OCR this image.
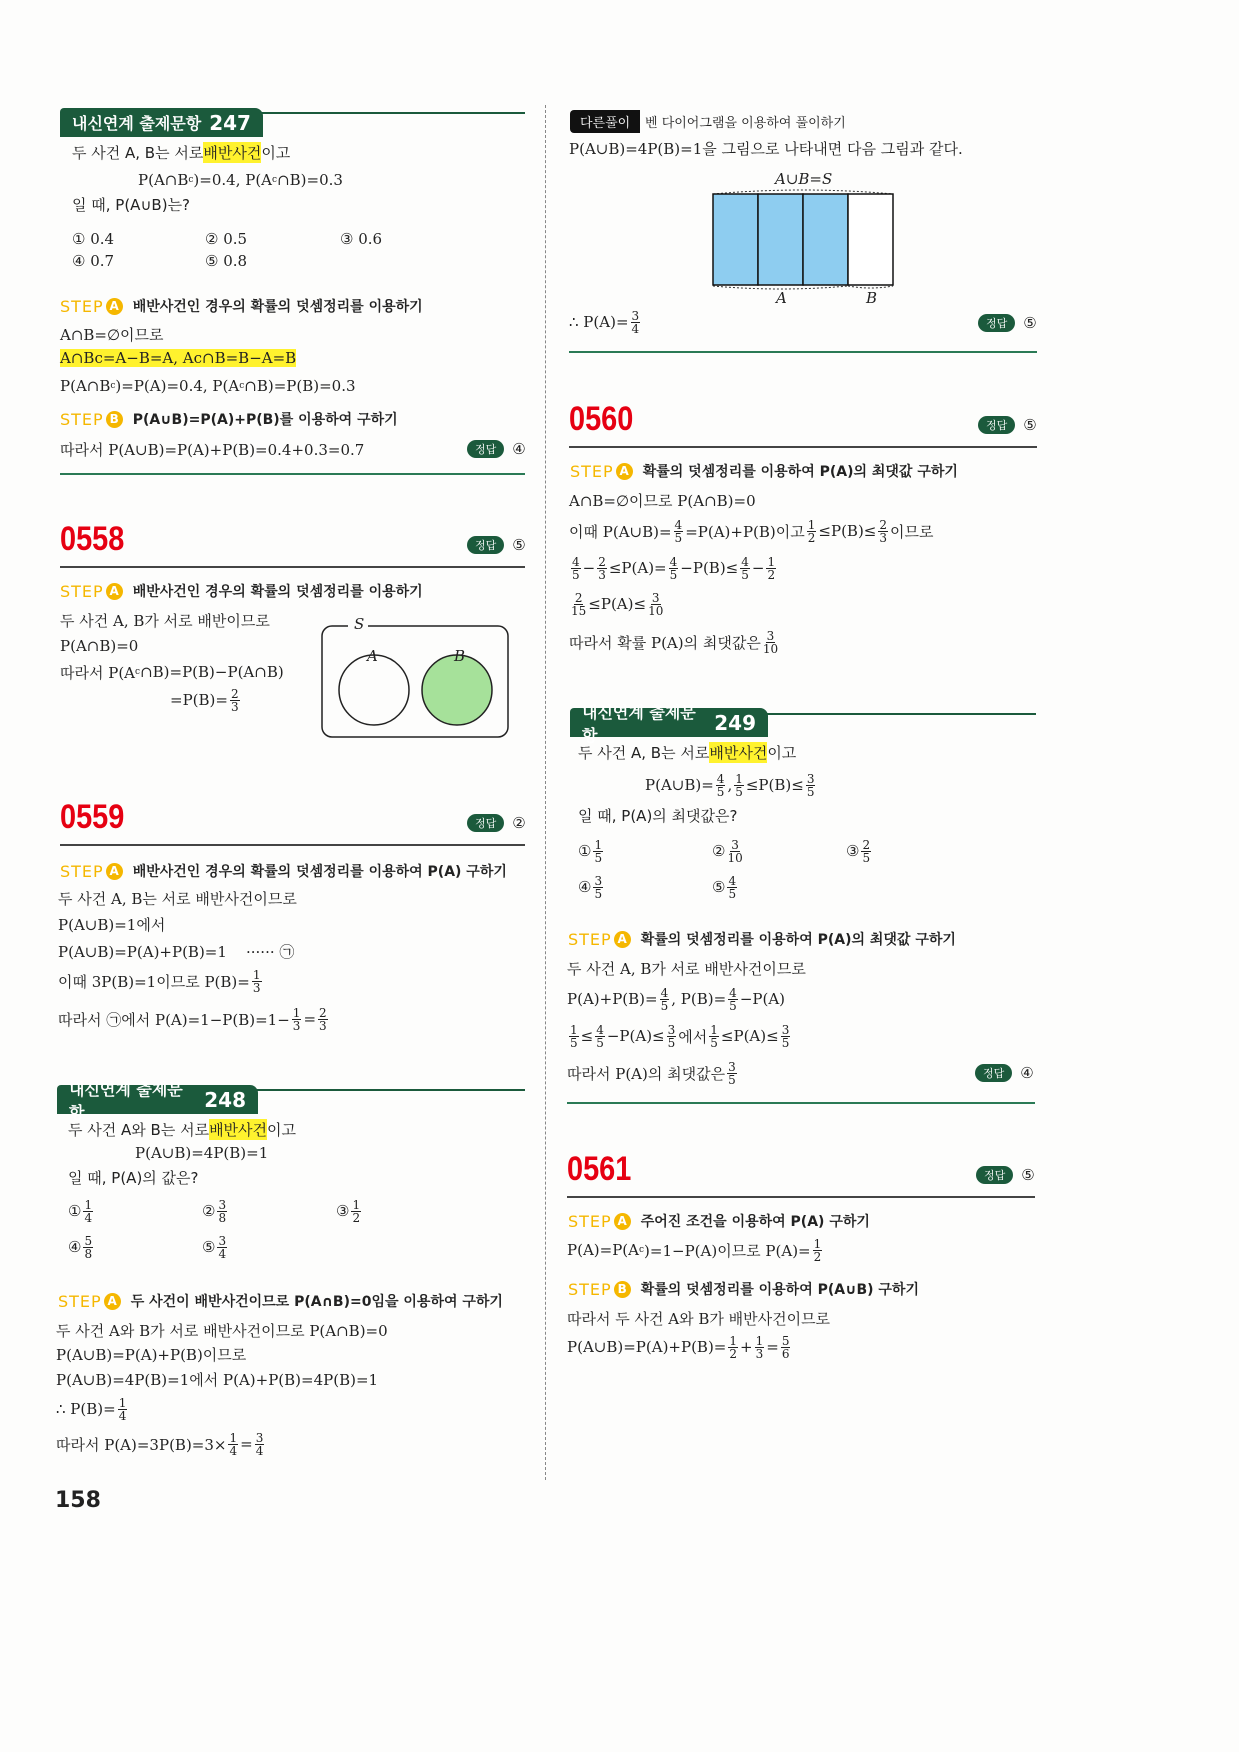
내신연계 출제문항 247
두 사건 A, B는 서로 배반사건 이고
P(A∩B c )=0.4, P(A c ∩B)=0.3
일 때, P(A∪B)는?
① 0.4	② 0.5	③ 0.6
④ 0.7	⑤ 0.8
STEP A 배반사건인 경우의 확률의 덧셈정리를 이용하기
A∩B=∅이므로
A∩B c =A−B=A, A c ∩B=B−A=B
P(A∩B c )=P(A)=0.4, P(A c ∩B)=P(B)=0.3
STEP B P(A∪B)=P(A)+P(B)를 이용하여 구하기
따라서 P(A∪B)=P(A)+P(B)=0.4+0.3=0.7	정답	④
0558	정답	⑤
STEP A 배반사건인 경우의 확률의 덧셈정리를 이용하기
두 사건 A, B가 서로 배반이므로
P(A∩B)=0
따라서 P(A c ∩B)=P(B)−P(A∩B)
$=P(B)= \frac{2}{3}$
S
A	B
0559	정답	②
STEP A 배반사건인 경우의 확률의 덧셈정리를 이용하여 P(A) 구하기
두 사건 A, B는 서로 배반사건이므로
P(A∪B)=1에서
P(A∪B)=P(A)+P(B)=1    ······ ㉠
이때 3P(B)=1이므로 $P(B)= \frac{1}{3}$
따라서 ㉠에서 $P(A)=1-P(B)=1- \frac{1}{3} = \frac{2}{3}$
내신연계 출제문항
248
두 사건 A와 B는 서로 배반사건 이고
P(A∪B)=4P(B)=1
일 때, P(A)의 값은?
① $\frac{1}{4}$	② $\frac{3}{8}$	③ $\frac{1}{2}$
④ $\frac{5}{8}$	⑤ $\frac{3}{4}$
STEP A 두 사건이 배반사건이므로 P(A∩B)=0임을 이용하여 구하기
두 사건 A와 B가 서로 배반사건이므로 P(A∩B)=0
P(A∪B)=P(A)+P(B)이므로
P(A∪B)=4P(B)=1에서 P(A)+P(B)=4P(B)=1
∴ $P(B)= \frac{1}{4}$
따라서 $P(A)=3P(B)=3\times \frac{1}{4} = \frac{3}{4}$
158
다른풀이	벤 다이어그램을 이용하여 풀이하기
P(A∪B)=4P(B)=1을 그림으로 나타내면 다음 그림과 같다.
A∪B=S
A	B
∴ $P(A)= \frac{3}{4}$	정답	⑤
0560	정답	⑤
STEP A 확률의 덧셈정리를 이용하여 P(A)의 최댓값 구하기
A∩B=∅이므로 P(A∩B)=0
이때 P(A∪B)= $\frac{4}{5} =P(A)+P(B)$이고 $\frac{1}{2} \le P(B)\le \frac{2}{3}$ 이므로
$\frac{4}{5} - \frac{2}{3} \le P(A)= \frac{4}{5} -P(B)\le \frac{4}{5} - \frac{1}{2}$
$\frac{2}{15} \le P(A)\le \frac{3}{10}$
따라서 확률 P(A)의 최댓값은 $\frac{3}{10}$
내신연계 출제문항
249
두 사건 A, B는 서로 배반사건 이고
P(A∪B)= $\frac{4}{5}$ , $\frac{1}{5} \le P(B)\le \frac{3}{5}$
일 때, P(A)의 최댓값은?
① $\frac{1}{5}$	② $\frac{3}{10}$	③ $\frac{2}{5}$
④ $\frac{3}{5}$	⑤ $\frac{4}{5}$
STEP A 확률의 덧셈정리를 이용하여 P(A)의 최댓값 구하기
두 사건 A, B가 서로 배반사건이므로
$P(A)+P(B)= \frac{4}{5}$ , $P(B)= \frac{4}{5} -P(A)$
$\frac{1}{5} \le \frac{4}{5} -P(A)\le \frac{3}{5}$ 에서 $\frac{1}{5} \le P(A)\le \frac{3}{5}$
따라서 P(A)의 최댓값은 $\frac{3}{5}$	정답	④
0561	정답	⑤
STEP A 주어진 조건을 이용하여 P(A) 구하기
P(A)=P(A c )=1−P(A)이므로 $P(A)= \frac{1}{2}$
STEP B 확률의 덧셈정리를 이용하여 P(A∪B) 구하기
따라서 두 사건 A와 B가 배반사건이므로
P(A∪B)=P(A)+P(B)= $\frac{1}{2} + \frac{1}{3} = \frac{5}{6}$
